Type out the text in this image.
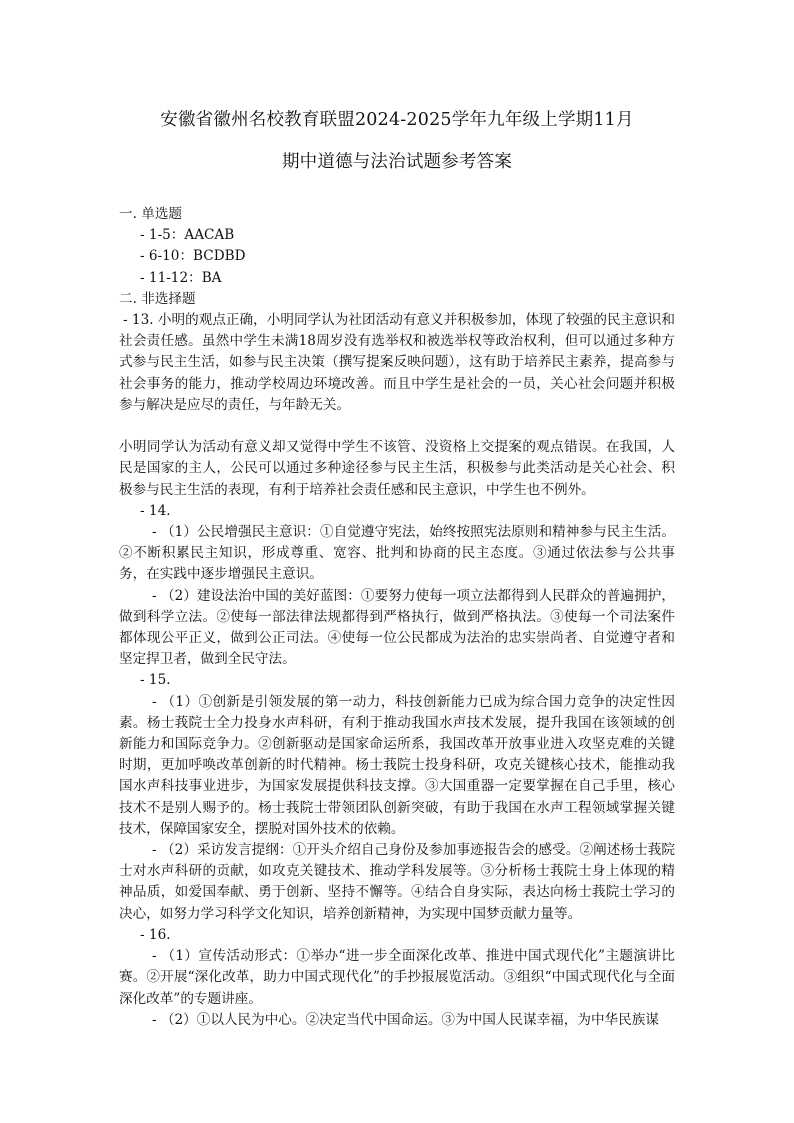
安徽省徽州名校教育联盟2024-2025学年九年级上学期11月
期中道德与法治试题参考答案

一. 单选题

- 1-5：AACAB

- 6-10：BCDBD

- 11-12：BA

二. 非选择题

- 13. 小明的观点正确，小明同学认为社团活动有意义并积极参加，体现了较强的民主意识和社会责任感。虽然中学生未满18周岁没有选举权和被选举权等政治权利，但可以通过多种方式参与民主生活，如参与民主决策（撰写提案反映问题），这有助于培养民主素养，提高参与社会事务的能力，推动学校周边环境改善。而且中学生是社会的一员，关心社会问题并积极参与解决是应尽的责任，与年龄无关。

小明同学认为活动有意义却又觉得中学生不该管、没资格上交提案的观点错误。在我国，人民是国家的主人，公民可以通过多种途径参与民主生活，积极参与此类活动是关心社会、积极参与民主生活的表现，有利于培养社会责任感和民主意识，中学生也不例外。

- 14.

- （1）公民增强民主意识：①自觉遵守宪法，始终按照宪法原则和精神参与民主生活。②不断积累民主知识，形成尊重、宽容、批判和协商的民主态度。③通过依法参与公共事务，在实践中逐步增强民主意识。

- （2）建设法治中国的美好蓝图：①要努力使每一项立法都得到人民群众的普遍拥护，做到科学立法。②使每一部法律法规都得到严格执行，做到严格执法。③使每一个司法案件都体现公平正义，做到公正司法。④使每一位公民都成为法治的忠实崇尚者、自觉遵守者和坚定捍卫者，做到全民守法。

- 15.

- （1）①创新是引领发展的第一动力，科技创新能力已成为综合国力竞争的决定性因素。杨士莪院士全力投身水声科研，有利于推动我国水声技术发展，提升我国在该领域的创新能力和国际竞争力。②创新驱动是国家命运所系，我国改革开放事业进入攻坚克难的关键时期，更加呼唤改革创新的时代精神。杨士莪院士投身科研，攻克关键核心技术，能推动我国水声科技事业进步，为国家发展提供科技支撑。③大国重器一定要掌握在自己手里，核心技术不是别人赐予的。杨士莪院士带领团队创新突破，有助于我国在水声工程领域掌握关键技术，保障国家安全，摆脱对国外技术的依赖。

- （2）采访发言提纲：①开头介绍自己身份及参加事迹报告会的感受。②阐述杨士莪院士对水声科研的贡献，如攻克关键技术、推动学科发展等。③分析杨士莪院士身上体现的精神品质，如爱国奉献、勇于创新、坚持不懈等。④结合自身实际，表达向杨士莪院士学习的决心，如努力学习科学文化知识，培养创新精神，为实现中国梦贡献力量等。

- 16.

- （1）宣传活动形式：①举办“进一步全面深化改革、推进中国式现代化”主题演讲比赛。②开展“深化改革，助力中国式现代化”的手抄报展览活动。③组织“中国式现代化与全面深化改革”的专题讲座。

- （2）①以人民为中心。②决定当代中国命运。③为中国人民谋幸福，为中华民族谋
